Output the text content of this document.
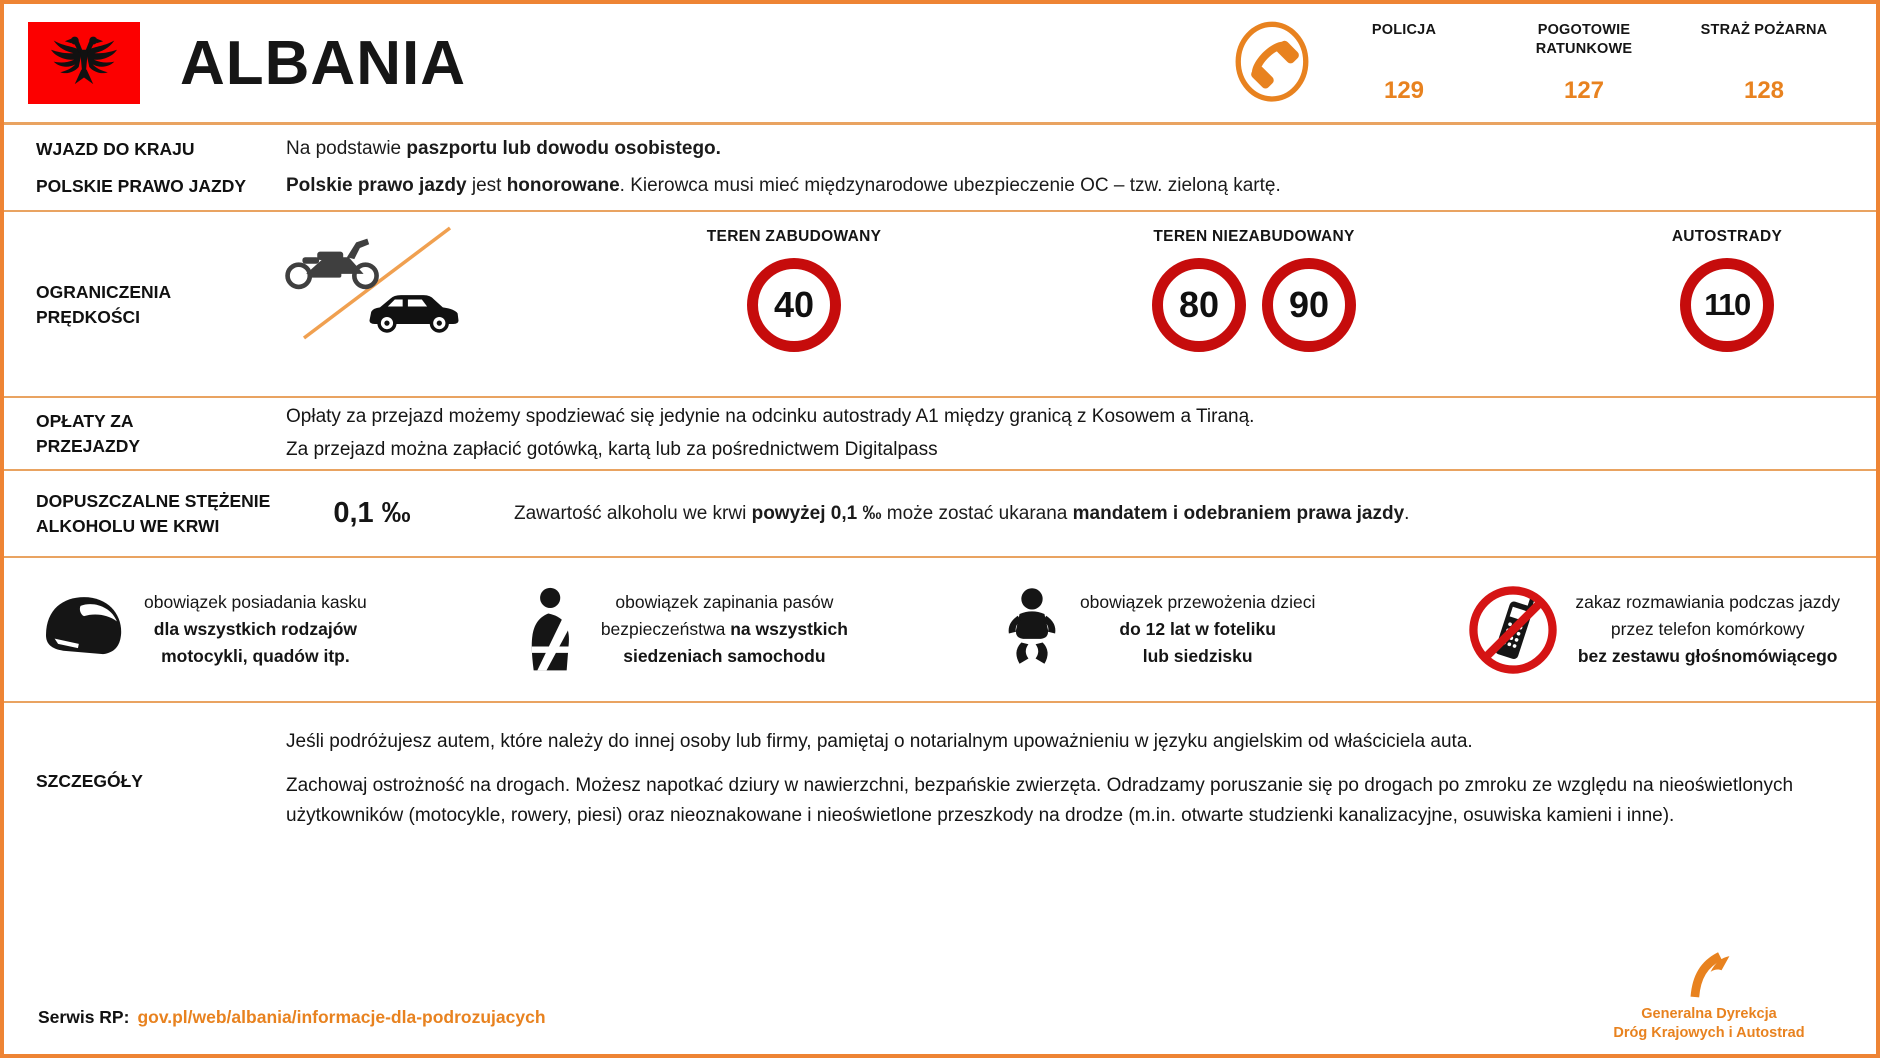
ALBANIA	POLICJA
129
POGOTOWIE RATUNKOWE
127
STRAŻ POŻARNA
128
WJAZD DO KRAJU	Na podstawie paszportu lub dowodu osobistego.
POLSKIE PRAWO JAZDY	Polskie prawo jazdy jest honorowane. Kierowca musi mieć międzynarodowe ubezpieczenie OC – tzw. zieloną kartę.
OGRANICZENIA PRĘDKOŚCI
TEREN ZABUDOWANY
40
TEREN NIEZABUDOWANY
80	90
AUTOSTRADY
110
OPŁATY ZA PRZEJAZDY

Opłaty za przejazd możemy spodziewać się jedynie na odcinku autostrady A1 między granicą z Kosowem a Tiraną.

Za przejazd można zapłacić gotówką, kartą lub za pośrednictwem Digitalpass

DOPUSZCZALNE STĘŻENIE ALKOHOLU WE KRWI	0,1 ‰	Zawartość alkoholu we krwi powyżej 0,1 ‰ może zostać ukarana mandatem i odebraniem prawa jazdy.
obowiązek posiadania kasku
dla wszystkich rodzajów
motocykli, quadów itp.
obowiązek zapinania pasów
bezpieczeństwa na wszystkich
siedzeniach samochodu
obowiązek przewożenia dzieci
do 12 lat w foteliku
lub siedzisku
zakaz rozmawiania podczas jazdy
przez telefon komórkowy
bez zestawu głośnomówiącego
SZCZEGÓŁY

Jeśli podróżujesz autem, które należy do innej osoby lub firmy, pamiętaj o notarialnym upoważnieniu w języku angielskim od właściciela auta.

Zachowaj ostrożność na drogach. Możesz napotkać dziury w nawierzchni, bezpańskie zwierzęta. Odradzamy poruszanie się po drogach po zmroku ze względu na nieoświetlonych użytkowników (motocykle, rowery, piesi) oraz nieoznakowane i nieoświetlone przeszkody na drodze (m.in. otwarte studzienki kanalizacyjne, osuwiska kamieni i inne).

Serwis RP: gov.pl/web/albania/informacje-dla-podrozujacych	Generalna Dyrekcja
Dróg Krajowych i Autostrad
